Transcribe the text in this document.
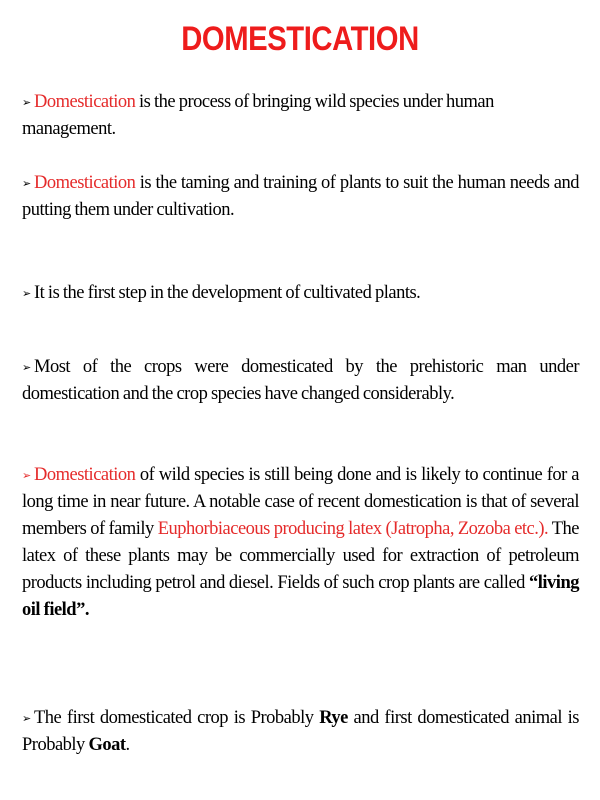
DOMESTICATION

➢ Domestication is the process of bringing wild species under human management.

➢ Domestication is the taming and training of plants to suit the human needs and putting them under cultivation.

➢ It is the first step in the development of cultivated plants.

➢ Most of the crops were domesticated by the prehistoric man under domestication and the crop species have changed considerably.

➢ Domestication of wild species is still being done and is likely to continue for a long time in near future. A notable case of recent domestication is that of several members of family Euphorbiaceous producing latex (Jatropha, Zozoba etc.). The latex of these plants may be commercially used for extraction of petroleum products including petrol and diesel. Fields of such crop plants are called “living oil field”.

➢ The first domesticated crop is Probably Rye and first domesticated animal is Probably Goat.
